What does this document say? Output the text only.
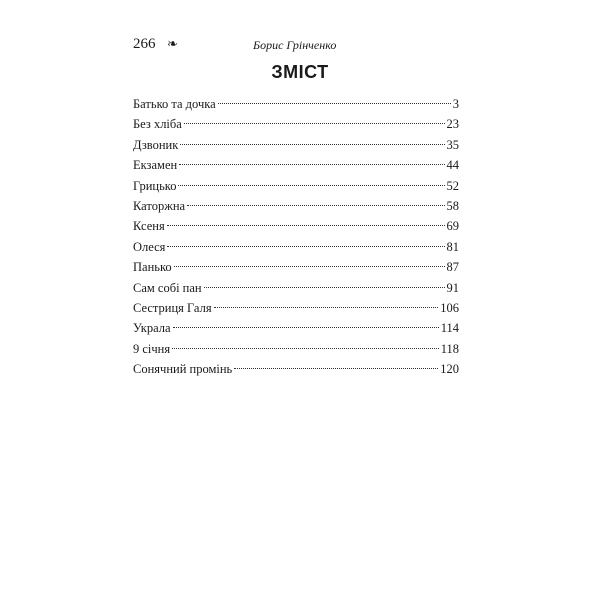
266 ❧	Борис Грінченко
ЗМІСТ
Батько та дочка	3
Без хліба	23
Дзвоник	35
Екзамен	44
Грицько	52
Каторжна	58
Ксеня	69
Олеся	81
Панько	87
Сам собі пан	91
Сестриця Галя	106
Украла	114
9 січня	118
Сонячний промінь	120
